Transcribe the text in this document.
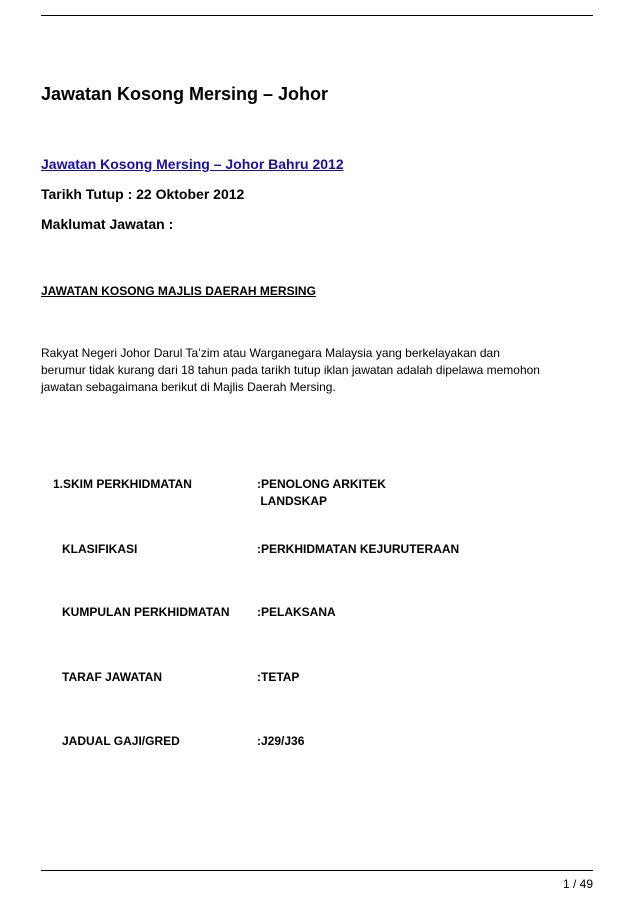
Jawatan Kosong Mersing – Johor
Jawatan Kosong Mersing – Johor Bahru 2012
Tarikh Tutup : 22 Oktober 2012
Maklumat Jawatan :
JAWATAN KOSONG MAJLIS DAERAH MERSING
Rakyat Negeri Johor Darul Ta’zim atau Warganegara Malaysia yang berkelayakan dan
berumur tidak kurang dari 18 tahun pada tarikh tutup iklan jawatan adalah dipelawa memohon
jawatan sebagaimana berikut di Majlis Daerah Mersing.
1.SKIM PERKHIDMATAN	:PENOLONG ARKITEK
LANDSKAP
KLASIFIKASI	:PERKHIDMATAN KEJURUTERAAN
KUMPULAN PERKHIDMATAN :PELAKSANA
TARAF JAWATAN	:TETAP
JADUAL GAJI/GRED	:J29/J36
1 / 49
